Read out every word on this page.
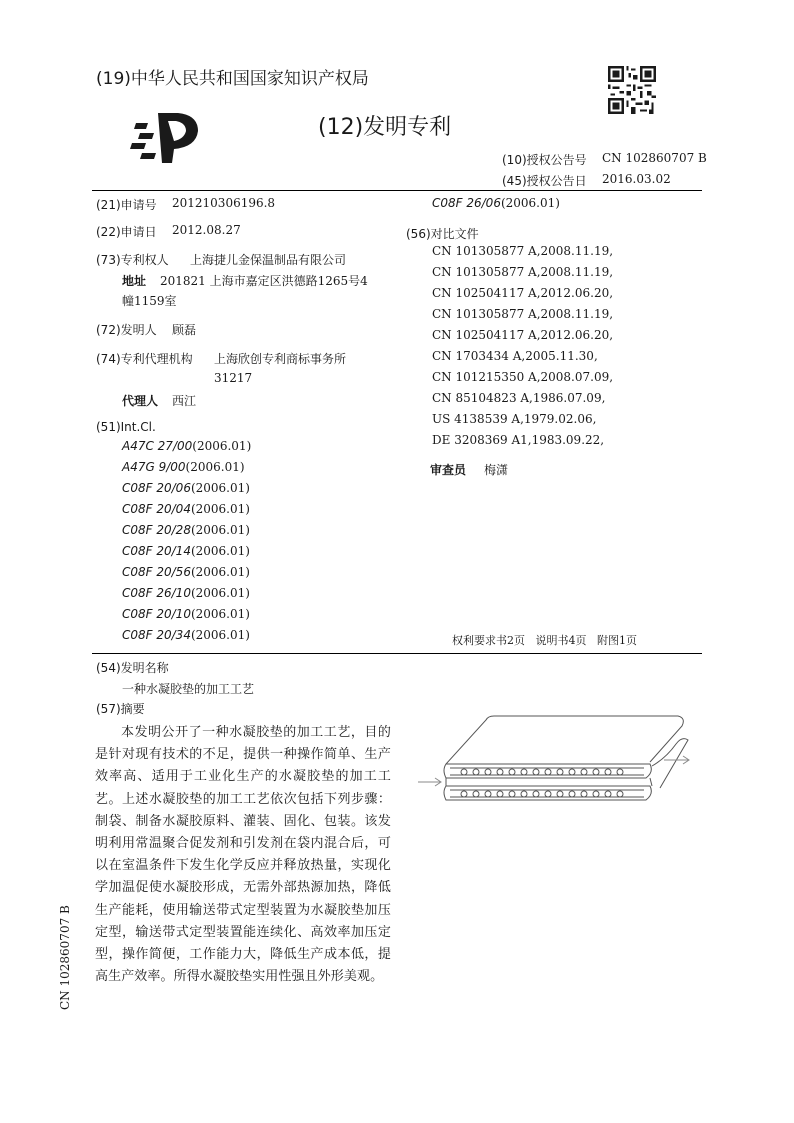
(19)中华人民共和国国家知识产权局
(12)发明专利
(10)授权公告号 CN 102860707 B
(45)授权公告日 2016.03.02
(21)申请号 201210306196.8
(22)申请日 2012.08.27
(73)专利权人 上海捷儿金保温制品有限公司
地址 201821 上海市嘉定区洪德路1265号4
幢1159室
(72)发明人 顾磊
(74)专利代理机构 上海欣创专利商标事务所
31217
代理人 西江
(51)Int.Cl.
A47C 27/00(2006.01)
A47G 9/00(2006.01)
C08F 20/06(2006.01)
C08F 20/04(2006.01)
C08F 20/28(2006.01)
C08F 20/14(2006.01)
C08F 20/56(2006.01)
C08F 26/10(2006.01)
C08F 20/10(2006.01)
C08F 20/34(2006.01)
C08F 26/06(2006.01)
(56)对比文件
CN 101305877 A,2008.11.19,
CN 101305877 A,2008.11.19,
CN 102504117 A,2012.06.20,
CN 101305877 A,2008.11.19,
CN 102504117 A,2012.06.20,
CN 1703434 A,2005.11.30,
CN 101215350 A,2008.07.09,
CN 85104823 A,1986.07.09,
US 4138539 A,1979.02.06,
DE 3208369 A1,1983.09.22,
审查员 梅潇
权利要求书2页   说明书4页   附图1页
(54)发明名称
一种水凝胶垫的加工工艺
(57)摘要
本发明公开了一种水凝胶垫的加工工艺，目的是针对现有技术的不足，提供一种操作简单、生产效率高、适用于工业化生产的水凝胶垫的加工工艺。上述水凝胶垫的加工工艺依次包括下列步骤：制袋、制备水凝胶原料、灌装、固化、包装。该发明利用常温聚合促发剂和引发剂在袋内混合后，可以在室温条件下发生化学反应并释放热量，实现化学加温促使水凝胶形成，无需外部热源加热，降低生产能耗，使用输送带式定型装置为水凝胶垫加压定型，输送带式定型装置能连续化、高效率加压定型，操作简便，工作能力大，降低生产成本低，提高生产效率。所得水凝胶垫实用性强且外形美观。
CN 102860707 B
